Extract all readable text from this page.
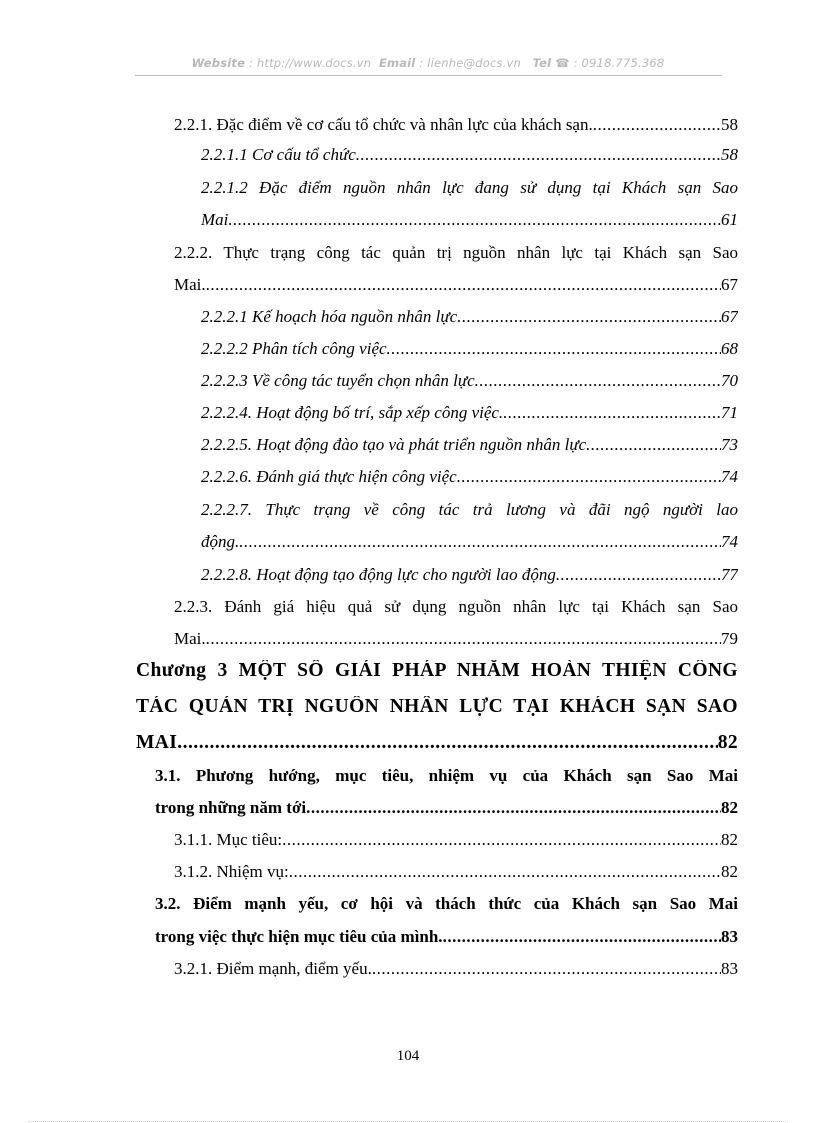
Website : http://www.docs.vn Email : lienhe@docs.vn Tel ☎ : 0918.775.368
2.2.1. Đặc điểm về cơ cấu tổ chức và nhân lực của khách sạn. .....	58
2.2.1.1 Cơ cấu tổ chức .....	58
2.2.1.2 Đặc điểm nguồn nhân lực đang sử dụng tại Khách sạn Sao
Mai .....	61
2.2.2. Thực trạng công tác quản trị nguồn nhân lực tại Khách sạn Sao
Mai. .....	67
2.2.2.1 Kế hoạch hóa nguồn nhân lực .....	67
2.2.2.2 Phân tích công việc .....	68
2.2.2.3 Về công tác tuyển chọn nhân lực .....	70
2.2.2.4. Hoạt động bố trí, sắp xếp công việc. .....	71
2.2.2.5. Hoạt động đào tạo và phát triển nguồn nhân lực .....	73
2.2.2.6. Đánh giá thực hiện công việc .....	74
2.2.2.7. Thực trạng về công tác trả lương và đãi ngộ người lao
động. .....	74
2.2.2.8. Hoạt động tạo động lực cho người lao động .....	77
2.2.3. Đánh giá hiệu quả sử dụng nguồn nhân lực tại Khách sạn Sao
Mai. .....	79
Chương 3 MỘT SỐ GIẢI PHÁP NHẰM HOÀN THIỆN CÔNG
TÁC QUẢN TRỊ NGUỒN NHÂN LỰC TẠI KHÁCH SẠN SAO
MAI .....	82
3.1. Phương hướng, mục tiêu, nhiệm vụ của Khách sạn Sao Mai
trong những năm tới .....	82
3.1.1. Mục tiêu: .....	82
3.1.2. Nhiệm vụ: .....	82
3.2. Điểm mạnh yếu, cơ hội và thách thức của Khách sạn Sao Mai
trong việc thực hiện mục tiêu của mình. .....	83
3.2.1. Điểm mạnh, điểm yếu. .....	83
104
